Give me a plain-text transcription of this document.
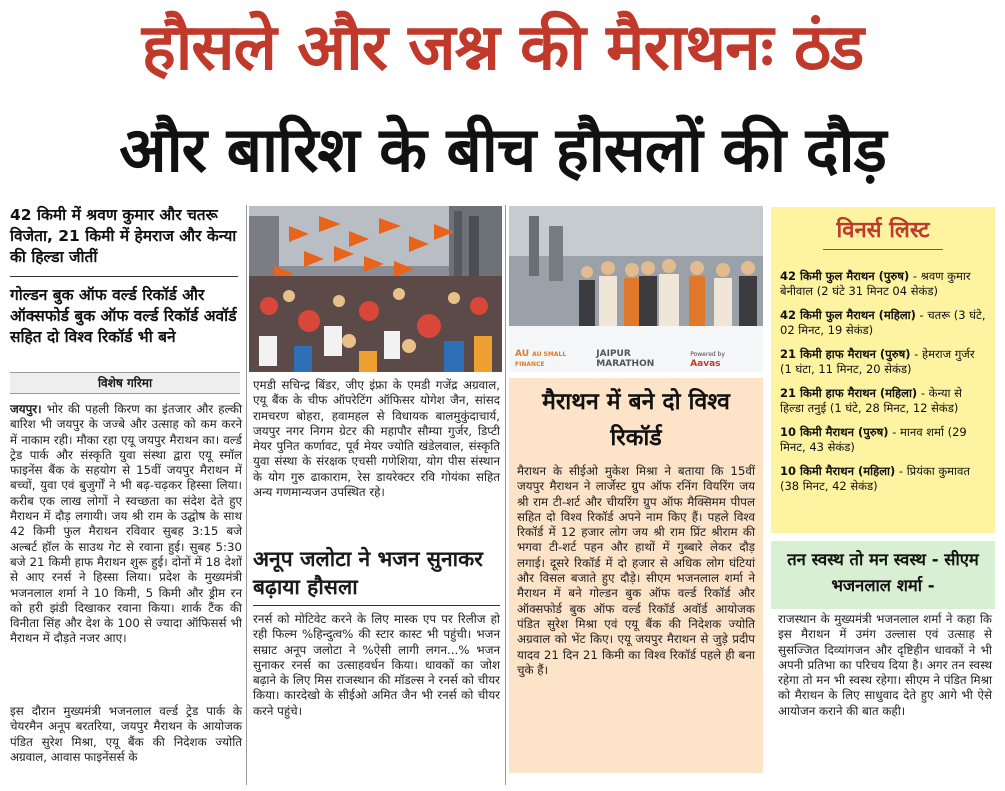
हौसले और जश्न की मैराथनः ठंड
और बारिश के बीच हौसलों की दौड़
42 किमी में श्रवण कुमार और चतरू विजेता, 21 किमी में हेमराज और केन्या की हिल्डा जीतीं
गोल्डन बुक ऑफ वर्ल्ड रिकॉर्ड और ऑक्सफोर्ड बुक ऑफ वर्ल्ड रिकॉर्ड अवॉर्ड सहित दो विश्व रिकॉर्ड भी बने
विशेष गरिमा
जयपुर। भोर की पहली किरण का इंतजार और हल्की बारिश भी जयपुर के जज्बे और उत्साह को कम करने में नाकाम रही। मौका रहा एयू जयपुर मैराथन का। वर्ल्ड ट्रेड पार्क और संस्कृति युवा संस्था द्वारा एयू स्मॉल फाइनेंस बैंक के सहयोग से 15वीं जयपुर मैराथन में बच्चों, युवा एवं बुजुर्गों ने भी बढ़-चढ़कर हिस्सा लिया। करीब एक लाख लोगों ने स्वच्छता का संदेश देते हुए मैराथन में दौड़ लगायी। जय श्री राम के उद्घोष के साथ 42 किमी फुल मैराथन रविवार सुबह 3:15 बजे अल्बर्ट हॉल के साउथ गेट से रवाना हुई। सुबह 5:30 बजे 21 किमी हाफ मैराथन शुरू हुई। दोनों में 18 देशों से आए रनर्स ने हिस्सा लिया। प्रदेश के मुख्यमंत्री भजनलाल शर्मा ने 10 किमी, 5 किमी और ड्रीम रन को हरी झंडी दिखाकर रवाना किया। शार्क टैंक की विनीता सिंह और देश के 100 से ज्यादा ऑफिसर्स भी मैराथन में दौड़ते नजर आए।
इस दौरान मुख्यमंत्री भजनलाल वर्ल्ड ट्रेड पार्क के चेयरमैन अनूप बरतरिया, जयपुर मैराथन के आयोजक पंडित सुरेश मिश्रा, एयू बैंक की निदेशक ज्योति अग्रवाल, आवास फाइनेंसर्स के
एमडी सचिन्द्र बिंडर, जीए इंफ्रा के एमडी गजेंद्र अग्रवाल, एयू बैंक के चीफ ऑपरेटिंग ऑफिसर योगेश जैन, सांसद रामचरण बोहरा, हवामहल से विधायक बालमुकुंदाचार्य, जयपुर नगर निगम ग्रेटर की महापौर सौम्या गुर्जर, डिप्टी मेयर पुनित कर्णावट, पूर्व मेयर ज्योति खंडेलवाल, संस्कृति युवा संस्था के संरक्षक एचसी गणेशिया, योग पीस संस्थान के योग गुरु ढाकाराम, रेस डायरेक्टर रवि गोयंका सहित अन्य गणमान्यजन उपस्थित रहे।
अनूप जलोटा ने भजन सुनाकर बढ़ाया हौसला
रनर्स को मोटिवेट करने के लिए मास्क एप पर रिलीज हो रही फिल्म %हिन्दुत्व% की स्टार कास्ट भी पहुंची। भजन सम्राट अनूप जलोटा ने %ऐसी लागी लगन...% भजन सुनाकर रनर्स का उत्साहवर्धन किया। धावकों का जोश बढ़ाने के लिए मिस राजस्थान की मॉडल्स ने रनर्स को चीयर किया। कारदेखो के सीईओ अमित जैन भी रनर्स को चीयर करने पहुंचे।
AU AU SMALL FINANCE
JAIPUR MARATHON
Powered by Aavas
मैराथन में बने दो विश्व रिकॉर्ड
मैराथन के सीईओ मुकेश मिश्रा ने बताया कि 15वीं जयपुर मैराथन ने लार्जेस्ट ग्रुप ऑफ रनिंग वियरिंग जय श्री राम टी-शर्ट और चीयरिंग ग्रुप ऑफ मैक्सिमम पीपल सहित दो विश्व रिकॉर्ड अपने नाम किए हैं। पहले विश्व रिकॉर्ड में 12 हजार लोग जय श्री राम प्रिंट श्रीराम की भगवा टी-शर्ट पहन और हाथों में गुब्बारे लेकर दौड़ लगाई। दूसरे रिकॉर्ड में दो हजार से अधिक लोग घंटियां और विसल बजाते हुए दौड़े। सीएम भजनलाल शर्मा ने मैराथन में बने गोल्डन बुक ऑफ वर्ल्ड रिकॉर्ड और ऑक्सफोर्ड बुक ऑफ वर्ल्ड रिकॉर्ड अवॉर्ड आयोजक पंडित सुरेश मिश्रा एवं एयू बैंक की निदेशक ज्योति अग्रवाल को भेंट किए। एयू जयपुर मैराथन से जुड़े प्रदीप यादव 21 दिन 21 किमी का विश्व रिकॉर्ड पहले ही बना चुके हैं।
विनर्स लिस्ट
42 किमी फुल मैराथन (पुरुष) - श्रवण कुमार बेनीवाल (2 घंटे 31 मिनट 04 सेकंड)
42 किमी फुल मैराथन (महिला) - चतरू (3 घंटे, 02 मिनट, 19 सेकंड)
21 किमी हाफ मैराथन (पुरुष) - हेमराज गुर्जर (1 घंटा, 11 मिनट, 20 सेकंड)
21 किमी हाफ मैराथन (महिला) - केन्या से हिल्डा तनुई (1 घंटे, 28 मिनट, 12 सेकंड)
10 किमी मैराथन (पुरुष) - मानव शर्मा (29 मिनट, 43 सेकंड)
10 किमी मैराथन (महिला) - प्रियंका कुमावत (38 मिनट, 42 सेकंड)
तन स्वस्थ तो मन स्वस्थ - सीएम भजनलाल शर्मा -
राजस्थान के मुख्यमंत्री भजनलाल शर्मा ने कहा कि इस मैराथन में उमंग उल्लास एवं उत्साह से सुसज्जित दिव्यांगजन और दृष्टिहीन धावकों ने भी अपनी प्रतिभा का परिचय दिया है। अगर तन स्वस्थ रहेगा तो मन भी स्वस्थ रहेगा। सीएम ने पंडित मिश्रा को मैराथन के लिए साधुवाद देते हुए आगे भी ऐसे आयोजन कराने की बात कही।
